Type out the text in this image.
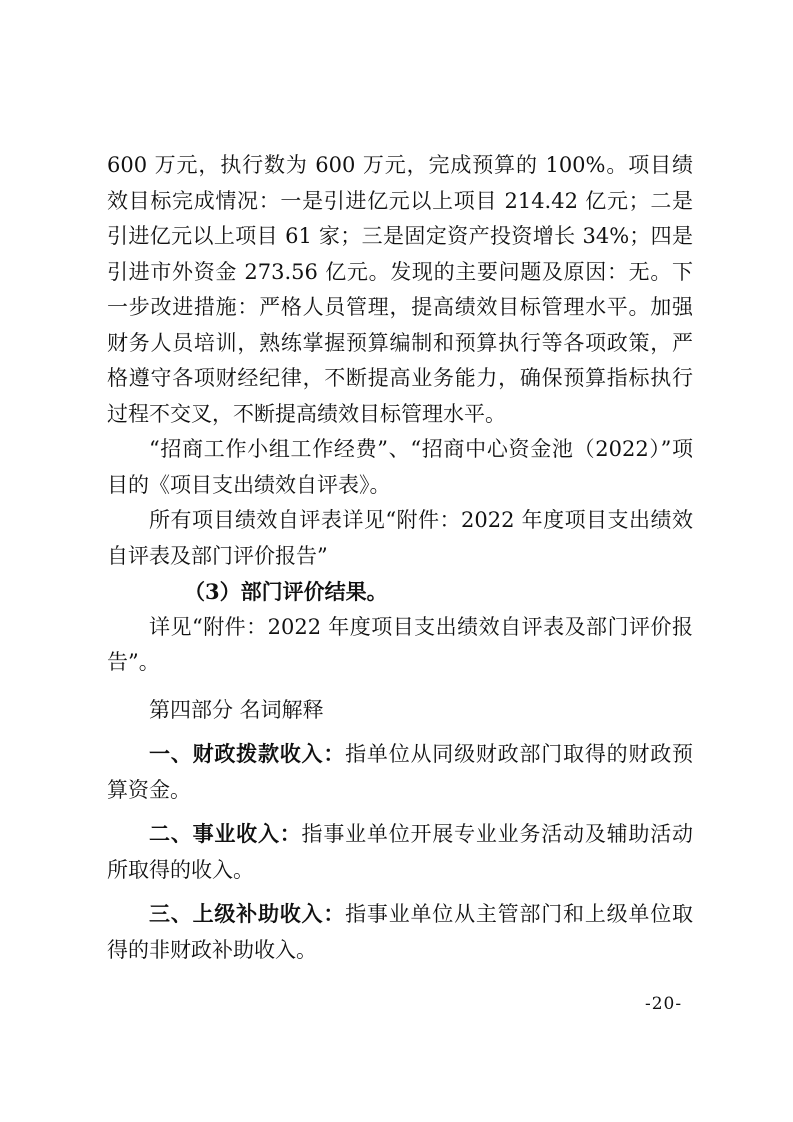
600 万元，执行数为 600 万元，完成预算的 100%。项目绩效目标完成情况：一是引进亿元以上项目 214.42 亿元；二是引进亿元以上项目 61 家；三是固定资产投资增长 34%；四是引进市外资金 273.56 亿元。发现的主要问题及原因：无。下一步改进措施：严格人员管理，提高绩效目标管理水平。加强财务人员培训，熟练掌握预算编制和预算执行等各项政策，严格遵守各项财经纪律，不断提高业务能力，确保预算指标执行过程不交叉，不断提高绩效目标管理水平。

“招商工作小组工作经费”、“招商中心资金池（2022）”项目的《项目支出绩效自评表》。

所有项目绩效自评表详见“附件：2022 年度项目支出绩效自评表及部门评价报告”

（3）部门评价结果。

详见“附件：2022 年度项目支出绩效自评表及部门评价报告”。

第四部分 名词解释

一、财政拨款收入：指单位从同级财政部门取得的财政预算资金。

二、事业收入：指事业单位开展专业业务活动及辅助活动所取得的收入。

三、上级补助收入：指事业单位从主管部门和上级单位取得的非财政补助收入。

-20-
